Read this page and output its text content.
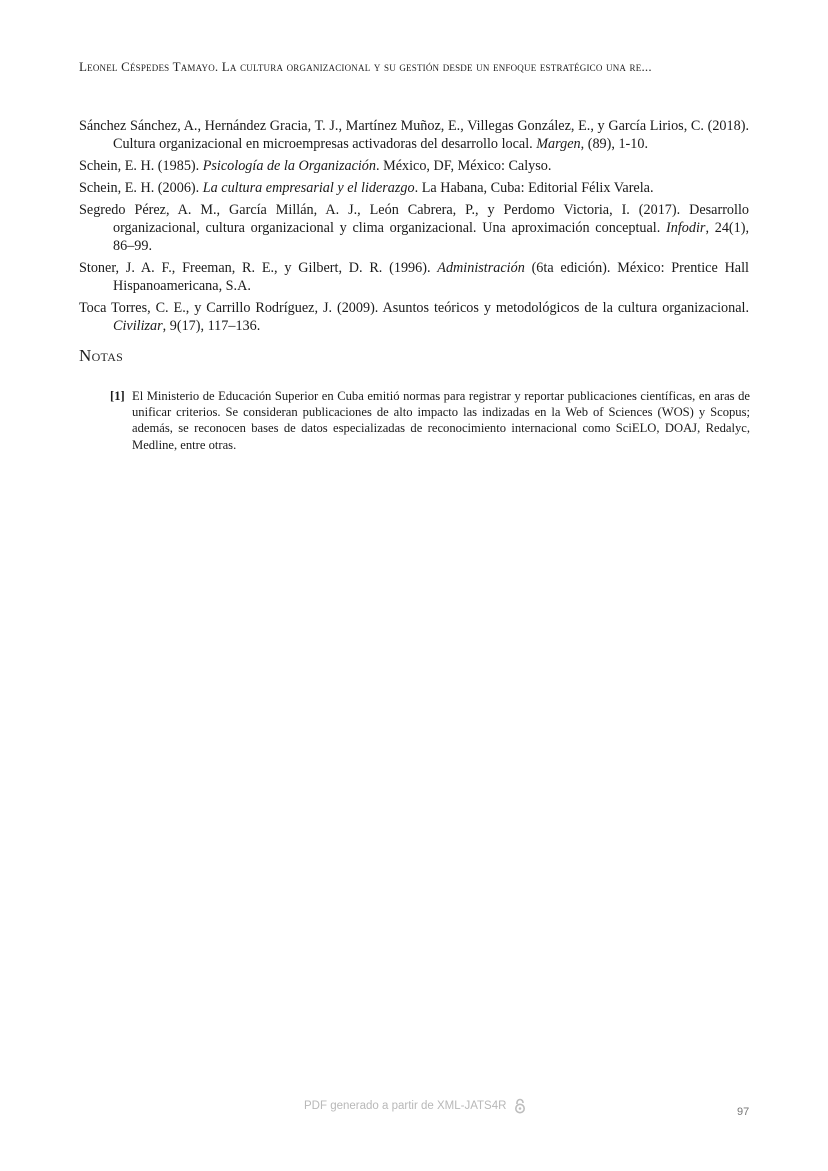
Leonel Céspedes Tamayo. La cultura organizacional y su gestión desde un enfoque estratégico una re...

Sánchez Sánchez, A., Hernández Gracia, T. J., Martínez Muñoz, E., Villegas González, E., y García Lirios, C. (2018). Cultura organizacional en microempresas activadoras del desarrollo local. Margen, (89), 1-10.

Schein, E. H. (1985). Psicología de la Organización. México, DF, México: Calyso.

Schein, E. H. (2006). La cultura empresarial y el liderazgo. La Habana, Cuba: Editorial Félix Varela.

Segredo Pérez, A. M., García Millán, A. J., León Cabrera, P., y Perdomo Victoria, I. (2017). Desarrollo organizacional, cultura organizacional y clima organizacional. Una aproximación conceptual. Infodir, 24(1), 86–99.

Stoner, J. A. F., Freeman, R. E., y Gilbert, D. R. (1996). Administración (6ta edición). México: Prentice Hall Hispanoamericana, S.A.

Toca Torres, C. E., y Carrillo Rodríguez, J. (2009). Asuntos teóricos y metodológicos de la cultura organizacional. Civilizar, 9(17), 117–136.

Notas
[1] El Ministerio de Educación Superior en Cuba emitió normas para registrar y reportar publicaciones científicas, en aras de unificar criterios. Se consideran publicaciones de alto impacto las indizadas en la Web of Sciences (WOS) y Scopus; además, se reconocen bases de datos especializadas de reconocimiento internacional como SciELO, DOAJ, Redalyc, Medline, entre otras.
PDF generado a partir de XML-JATS4R	97
